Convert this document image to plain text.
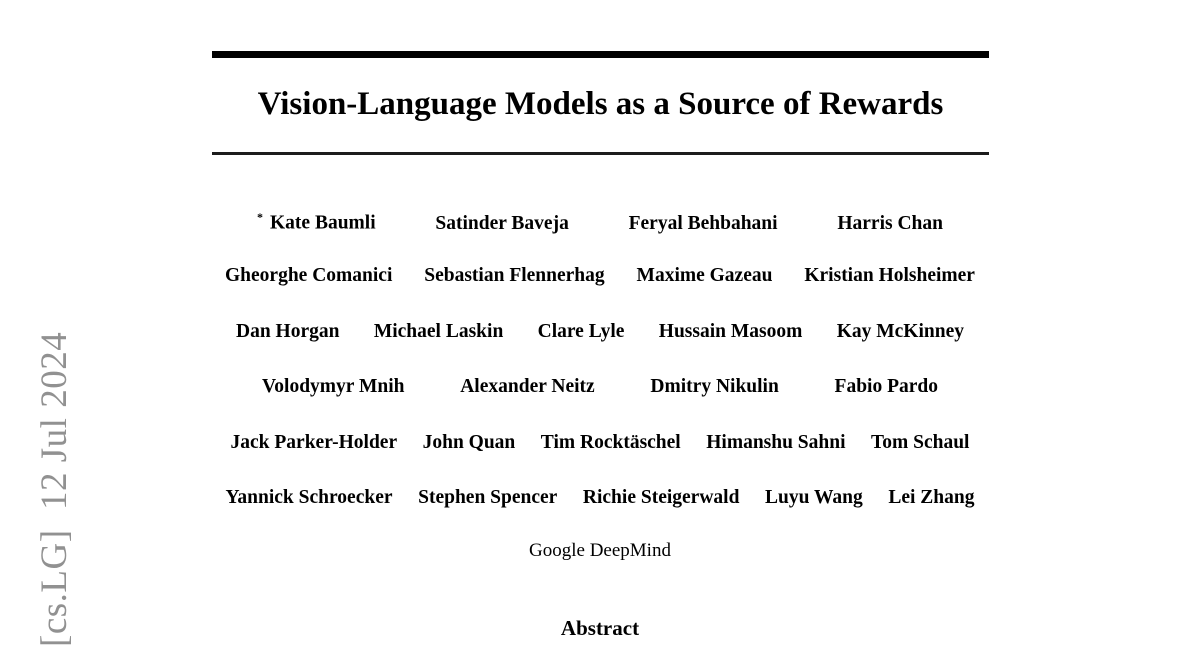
[cs.LG]  12 Jul 2024
Vision-Language Models as a Source of Rewards
* Kate Baumli	Satinder Baveja	Feryal Behbahani	Harris Chan
Gheorghe Comanici Sebastian Flennerhag Maxime Gazeau Kristian Holsheimer
Dan Horgan Michael Laskin Clare Lyle Hussain Masoom Kay McKinney
Volodymyr Mnih	Alexander Neitz	Dmitry Nikulin	Fabio Pardo
Jack Parker-Holder John Quan Tim Rocktäschel Himanshu Sahni Tom Schaul
Yannick Schroecker Stephen Spencer Richie Steigerwald Luyu Wang Lei Zhang
Google DeepMind
Abstract
